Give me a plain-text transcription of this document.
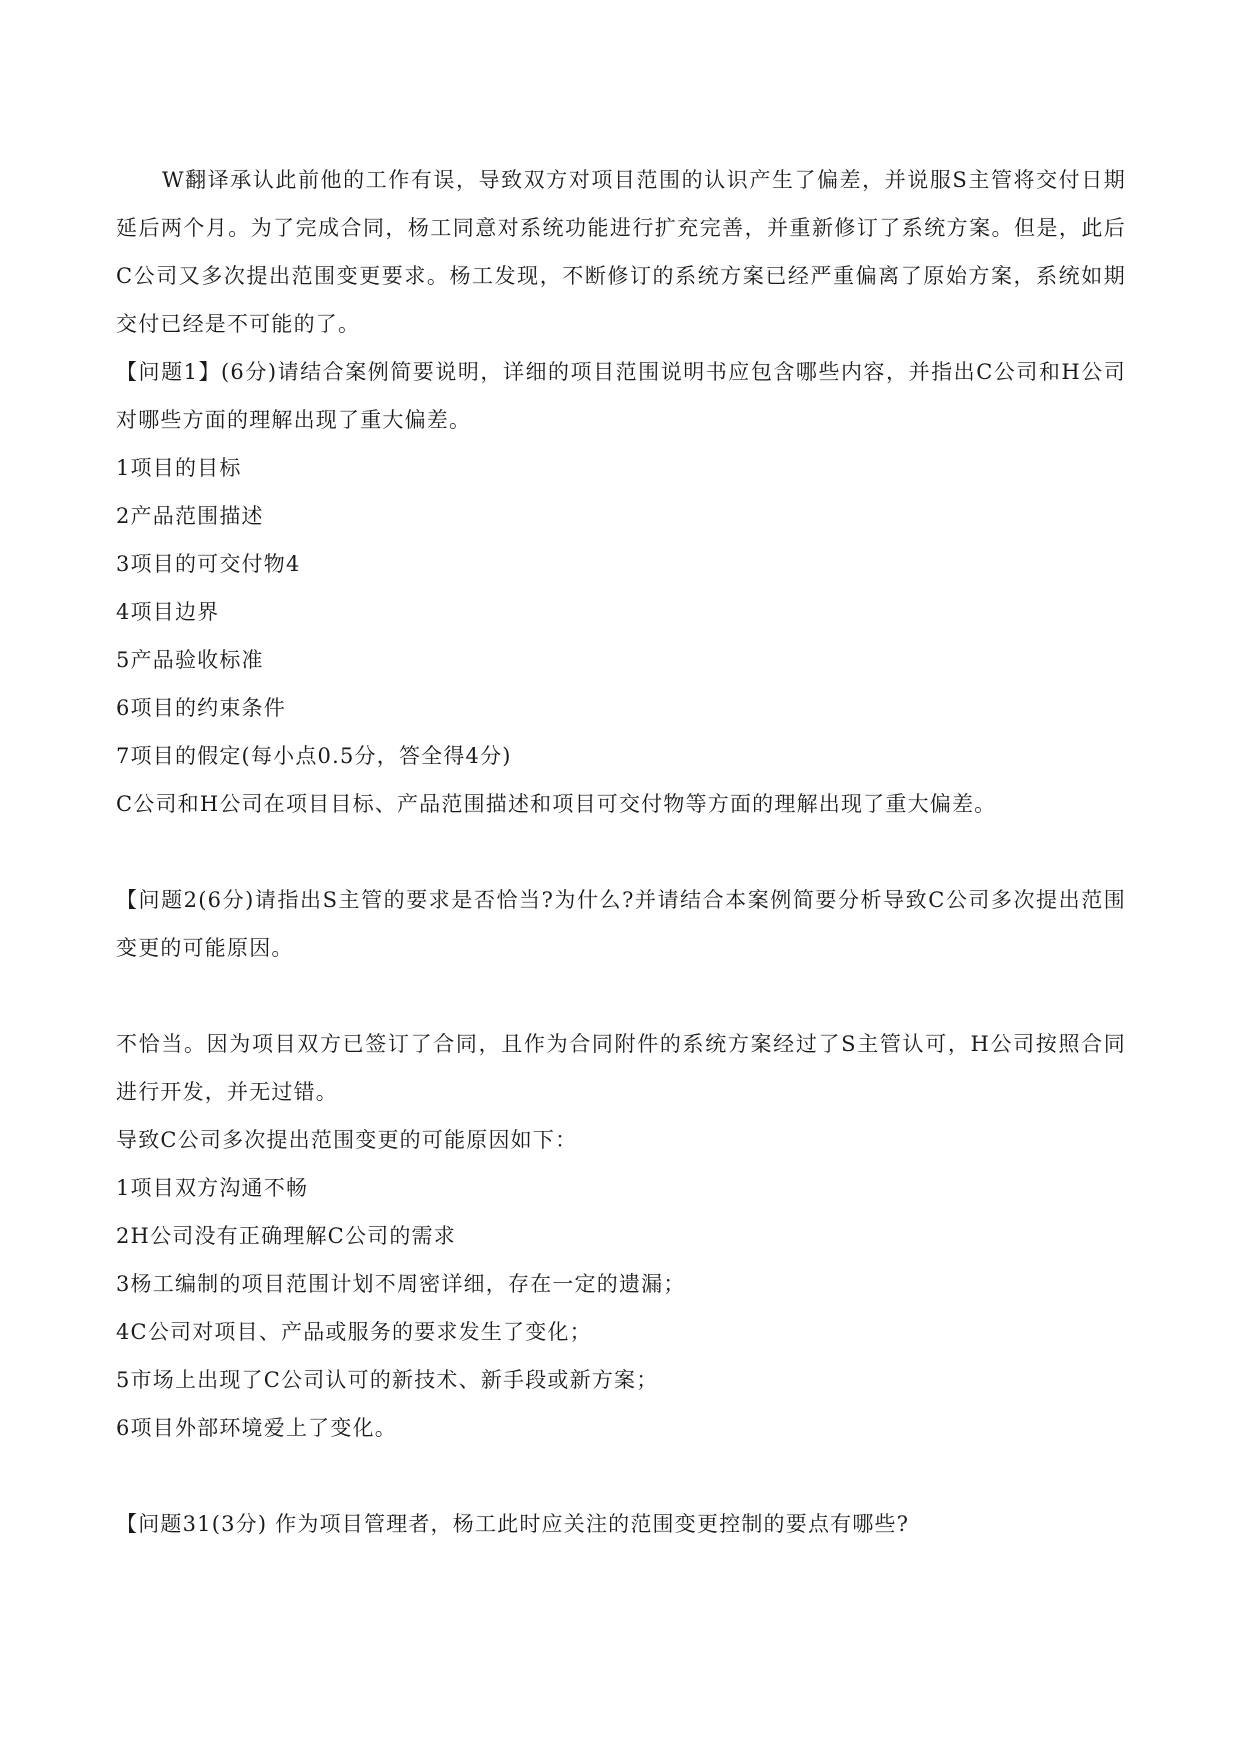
W翻译承认此前他的工作有误，导致双方对项目范围的认识产生了偏差，并说服S主管将交付日期延后两个月。为了完成合同，杨工同意对系统功能进行扩充完善，并重新修订了系统方案。但是，此后C公司又多次提出范围变更要求。杨工发现，不断修订的系统方案已经严重偏离了原始方案，系统如期交付已经是不可能的了。

【问题1】(6分)请结合案例简要说明，详细的项目范围说明书应包含哪些内容，并指出C公司和H公司对哪些方面的理解出现了重大偏差。

1项目的目标

2产品范围描述

3项目的可交付物4

4项目边界

5产品验收标准

6项目的约束条件

7项目的假定(每小点0.5分，答全得4分)

C公司和H公司在项目目标、产品范围描述和项目可交付物等方面的理解出现了重大偏差。

【问题2(6分)请指出S主管的要求是否恰当?为什么?并请结合本案例简要分析导致C公司多次提出范围变更的可能原因。

不恰当。因为项目双方已签订了合同，且作为合同附件的系统方案经过了S主管认可，H公司按照合同进行开发，并无过错。

导致C公司多次提出范围变更的可能原因如下：

1项目双方沟通不畅

2H公司没有正确理解C公司的需求

3杨工编制的项目范围计划不周密详细，存在一定的遗漏；

4C公司对项目、产品或服务的要求发生了变化；

5市场上出现了C公司认可的新技术、新手段或新方案；

6项目外部环境爱上了变化。

【问题31(3分) 作为项目管理者，杨工此时应关注的范围变更控制的要点有哪些?
